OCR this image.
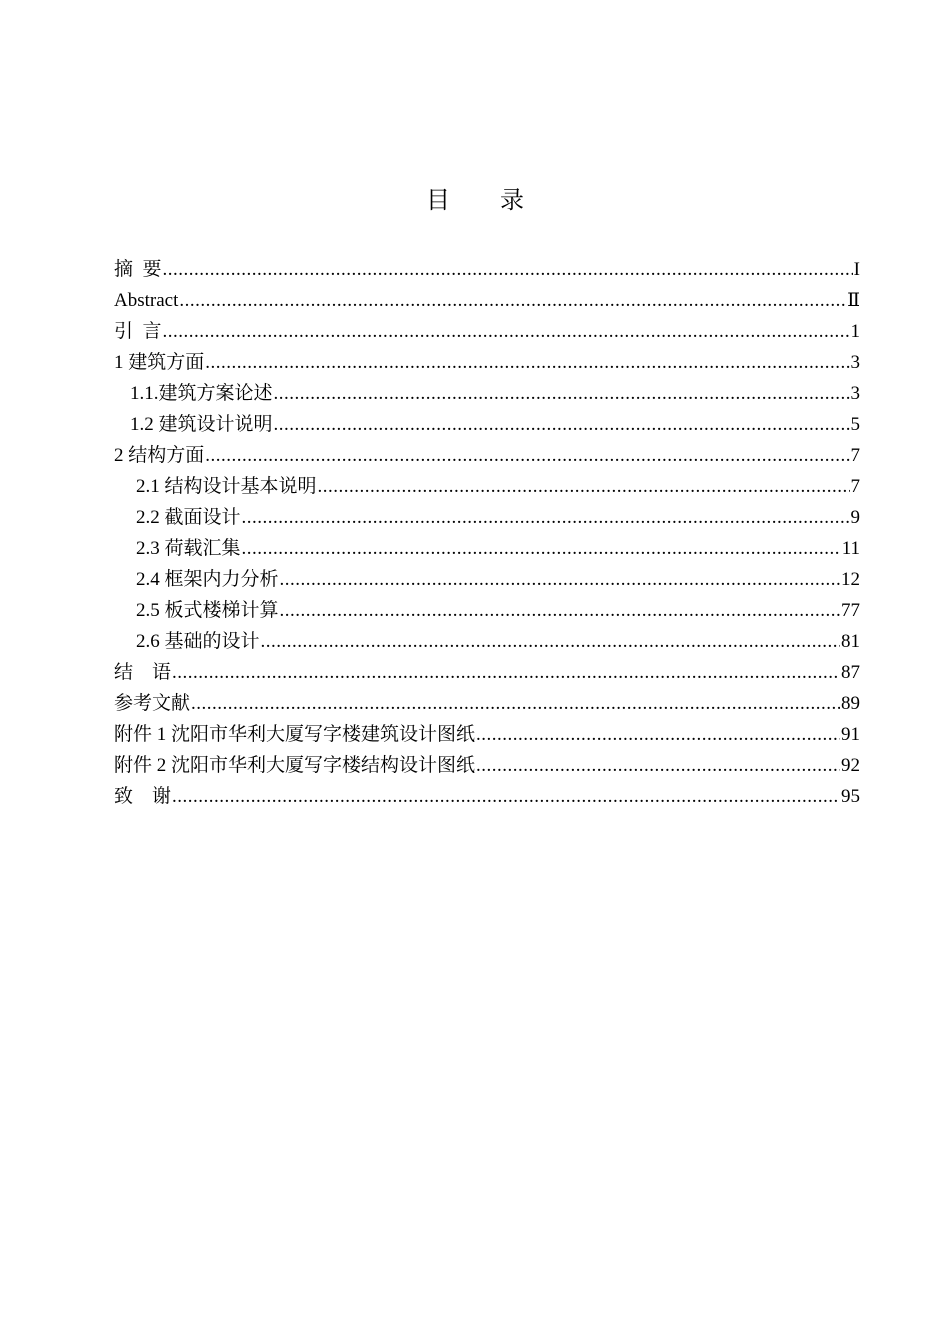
目 录
摘  要 .....	I
Abstract .....	Ⅱ
引  言 .....	1
1 建筑方面 .....	3
1.1.建筑方案论述 .....	3
1.2 建筑设计说明 .....	5
2 结构方面 .....	7
2.1 结构设计基本说明 .....	7
2.2 截面设计 .....	9
2.3 荷载汇集 .....	11
2.4 框架内力分析 .....	12
2.5 板式楼梯计算 .....	77
2.6 基础的设计 .....	81
结    语 .....	87
参考文献 .....	89
附件 1 沈阳市华利大厦写字楼建筑设计图纸 .....	91
附件 2 沈阳市华利大厦写字楼结构设计图纸 .....	92
致    谢 .....	95
